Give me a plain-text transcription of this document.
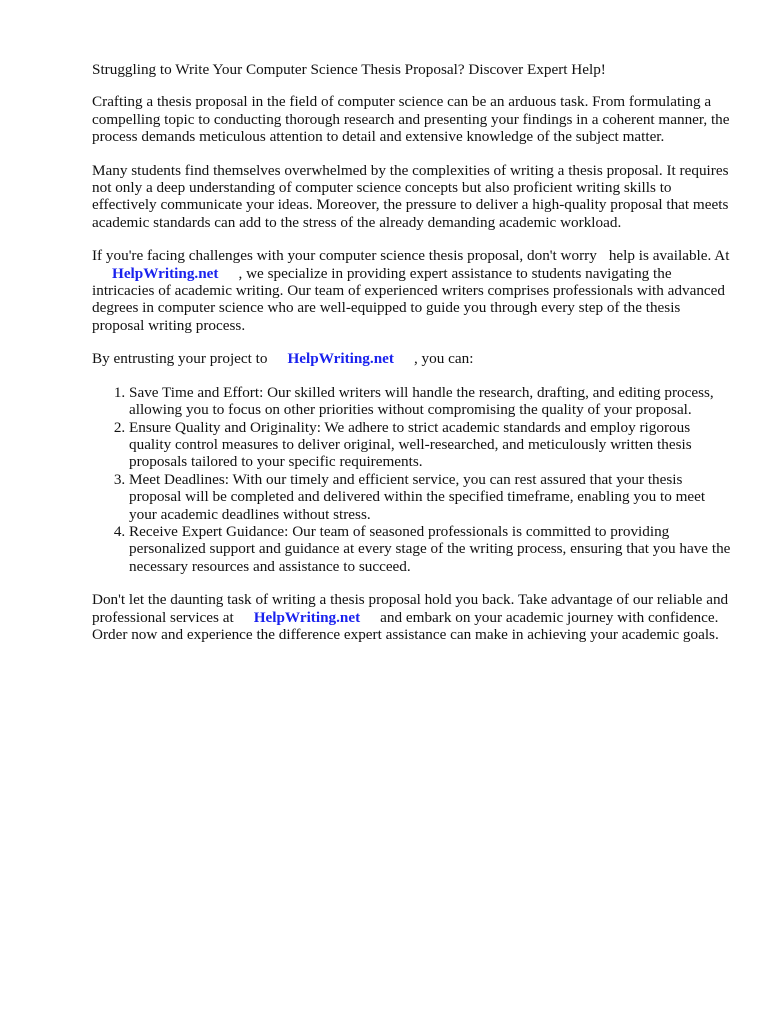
Struggling to Write Your Computer Science Thesis Proposal? Discover Expert Help!

Crafting a thesis proposal in the field of computer science can be an arduous task. From formulating a compelling topic to conducting thorough research and presenting your findings in a coherent manner, the process demands meticulous attention to detail and extensive knowledge of the subject matter.

Many students find themselves overwhelmed by the complexities of writing a thesis proposal. It requires not only a deep understanding of computer science concepts but also proficient writing skills to effectively communicate your ideas. Moreover, the pressure to deliver a high-quality proposal that meets academic standards can add to the stress of the already demanding academic workload.

If you're facing challenges with your computer science thesis proposal, don't worry help is available. AtHelpWriting.net , we specialize in providing expert assistance to students navigating the intricacies of academic writing. Our team of experienced writers comprises professionals with advanced degrees in computer science who are well-equipped to guide you through every step of the thesis proposal writing process.

By entrusting your project to HelpWriting.net , you can:

1. Save Time and Effort: Our skilled writers will handle the research, drafting, and editing process, allowing you to focus on other priorities without compromising the quality of your proposal.
2. Ensure Quality and Originality: We adhere to strict academic standards and employ rigorous quality control measures to deliver original, well-researched, and meticulously written thesis proposals tailored to your specific requirements.
3. Meet Deadlines: With our timely and efficient service, you can rest assured that your thesis proposal will be completed and delivered within the specified timeframe, enabling you to meet your academic deadlines without stress.
4. Receive Expert Guidance: Our team of seasoned professionals is committed to providing personalized support and guidance at every stage of the writing process, ensuring that you have the necessary resources and assistance to succeed.

Don't let the daunting task of writing a thesis proposal hold you back. Take advantage of our reliable and professional services at HelpWriting.net and embark on your academic journey with confidence. Order now and experience the difference expert assistance can make in achieving your academic goals.
